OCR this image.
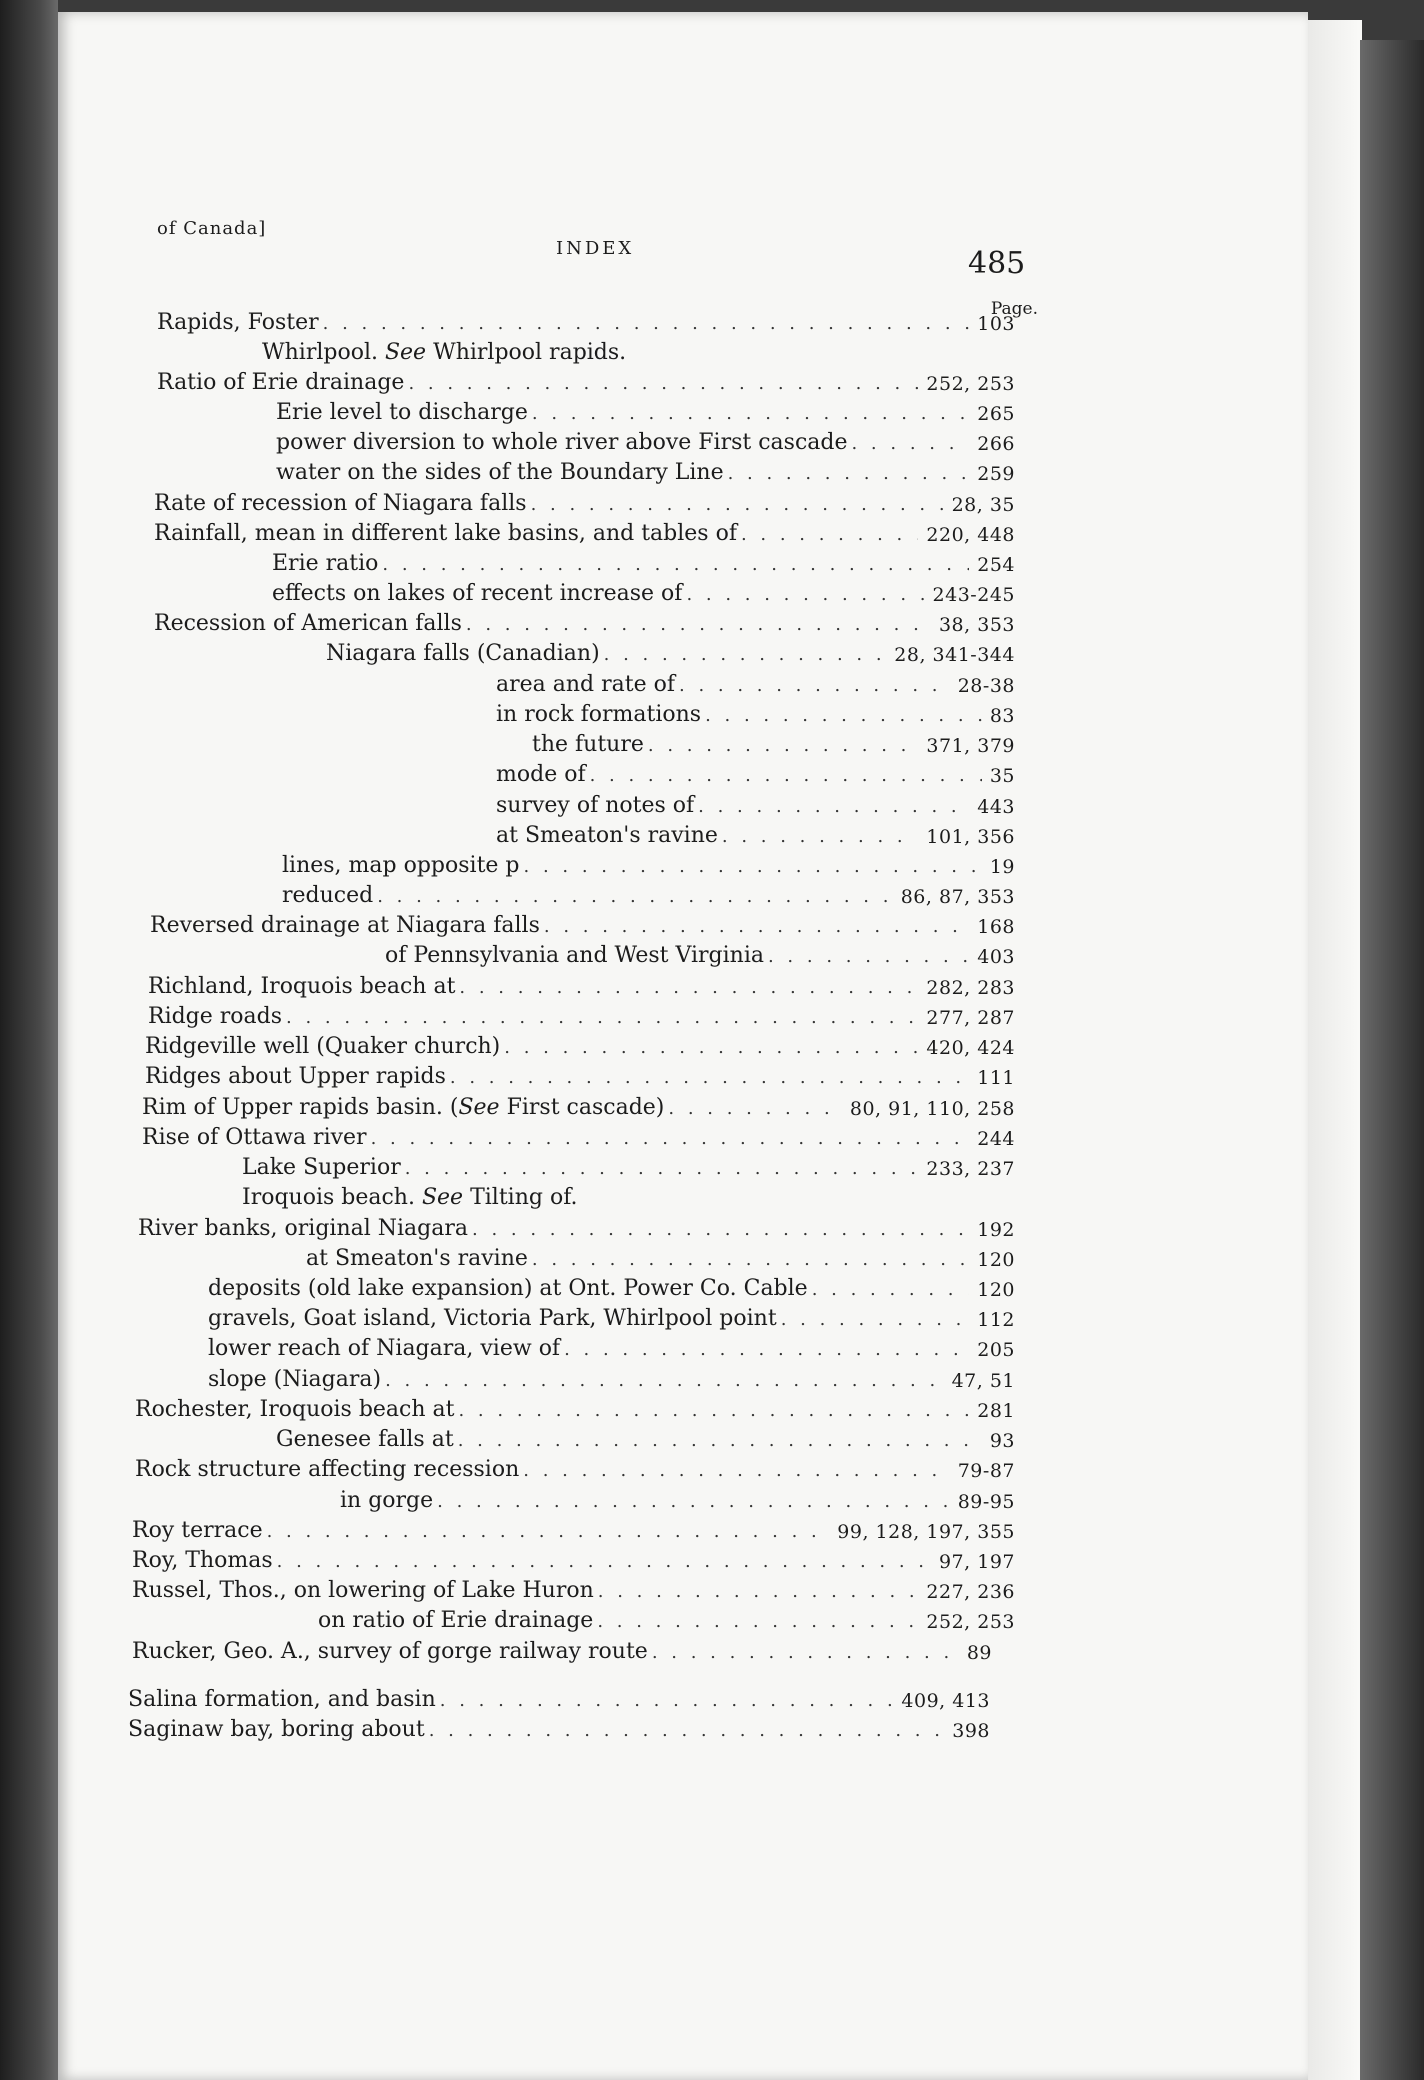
of Canada]
INDEX	485
Page.
Rapids, Foster . . .	103
Whirlpool. See Whirlpool rapids.
Ratio of Erie drainage . . .	252, 253
Erie level to discharge . . .	265
power diversion to whole river above First cascade . . .	266
water on the sides of the Boundary Line . . .	259
Rate of recession of Niagara falls . . .	28, 35
Rainfall, mean in different lake basins, and tables of . . .	220, 448
Erie ratio . . .	254
effects on lakes of recent increase of . . .	243-245
Recession of American falls . . .	38, 353
Niagara falls (Canadian) . . .	28, 341-344
area and rate of . . .	28-38
in rock formations . . .	83
the future . . .	371, 379
mode of . . .	35
survey of notes of . . .	443
at Smeaton's ravine . . .	101, 356
lines, map opposite p . . .	19
reduced . . .	86, 87, 353
Reversed drainage at Niagara falls . . .	168
of Pennsylvania and West Virginia . . .	403
Richland, Iroquois beach at . . .	282, 283
Ridge roads . . .	277, 287
Ridgeville well (Quaker church) . . .	420, 424
Ridges about Upper rapids . . .	111
Rim of Upper rapids basin. (See First cascade) . . .	80, 91, 110, 258
Rise of Ottawa river . . .	244
Lake Superior . . .	233, 237
Iroquois beach. See Tilting of.
River banks, original Niagara . . .	192
at Smeaton's ravine . . .	120
deposits (old lake expansion) at Ont. Power Co. Cable . . .	120
gravels, Goat island, Victoria Park, Whirlpool point . . .	112
lower reach of Niagara, view of . . .	205
slope (Niagara) . . .	47, 51
Rochester, Iroquois beach at . . .	281
Genesee falls at . . .	93
Rock structure affecting recession . . .	79-87
in gorge . . .	89-95
Roy terrace . . .	99, 128, 197, 355
Roy, Thomas . . .	97, 197
Russel, Thos., on lowering of Lake Huron . . .	227, 236
on ratio of Erie drainage . . .	252, 253
Rucker, Geo. A., survey of gorge railway route . . .	89
Salina formation, and basin . . .	409, 413
Saginaw bay, boring about . . .	398
